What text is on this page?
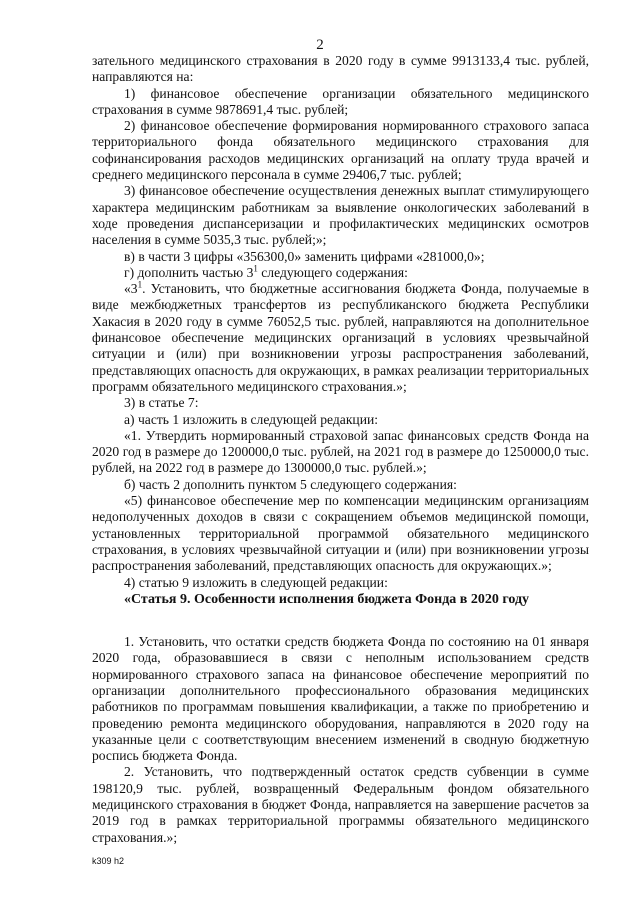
2

зательного медицинского страхования в 2020 году в сумме 9913133,4 тыс. рублей, направляются на:

1) финансовое обеспечение организации обязательного медицинского страхования в сумме 9878691,4 тыс. рублей;

2) финансовое обеспечение формирования нормированного страхового запаса территориального фонда обязательного медицинского страхования для софинансирования расходов медицинских организаций на оплату труда врачей и среднего медицинского персонала в сумме 29406,7 тыс. рублей;

3) финансовое обеспечение осуществления денежных выплат стимулирующего характера медицинским работникам за выявление онкологических заболеваний в ходе проведения диспансеризации и профилактических медицинских осмотров населения в сумме 5035,3 тыс. рублей;»;

в) в части 3 цифры «356300,0» заменить цифрами «281000,0»;

г) дополнить частью $3^1$ следующего содержания:

«$3^1$. Установить, что бюджетные ассигнования бюджета Фонда, получаемые в виде межбюджетных трансфертов из республиканского бюджета Республики Хакасия в 2020 году в сумме 76052,5 тыс. рублей, направляются на дополнительное финансовое обеспечение медицинских организаций в условиях чрезвычайной ситуации и (или) при возникновении угрозы распространения заболеваний, представляющих опасность для окружающих, в рамках реализации территориальных программ обязательного медицинского страхования.»;

3) в статье 7:

а) часть 1 изложить в следующей редакции:

«1. Утвердить нормированный страховой запас финансовых средств Фонда на 2020 год в размере до 1200000,0 тыс. рублей, на 2021 год в размере до 1250000,0 тыс. рублей, на 2022 год в размере до 1300000,0 тыс. рублей.»;

б) часть 2 дополнить пунктом 5 следующего содержания:

«5) финансовое обеспечение мер по компенсации медицинским организациям недополученных доходов в связи с сокращением объемов медицинской помощи, установленных территориальной программой обязательного медицинского страхования, в условиях чрезвычайной ситуации и (или) при возникновении угрозы распространения заболеваний, представляющих опасность для окружающих.»;

4) статью 9 изложить в следующей редакции:

«Статья 9. Особенности исполнения бюджета Фонда в 2020 году

1. Установить, что остатки средств бюджета Фонда по состоянию на 01 января 2020 года, образовавшиеся в связи с неполным использованием средств нормированного страхового запаса на финансовое обеспечение мероприятий по организации дополнительного профессионального образования медицинских работников по программам повышения квалификации, а также по приобретению и проведению ремонта медицинского оборудования, направляются в 2020 году на указанные цели с соответствующим внесением изменений в сводную бюджетную роспись бюджета Фонда.

2. Установить, что подтвержденный остаток средств субвенции в сумме 198120,9 тыс. рублей, возвращенный Федеральным фондом обязательного медицинского страхования в бюджет Фонда, направляется на завершение расчетов за 2019 год в рамках территориальной программы обязательного медицинского страхования.»;

k309 h2
